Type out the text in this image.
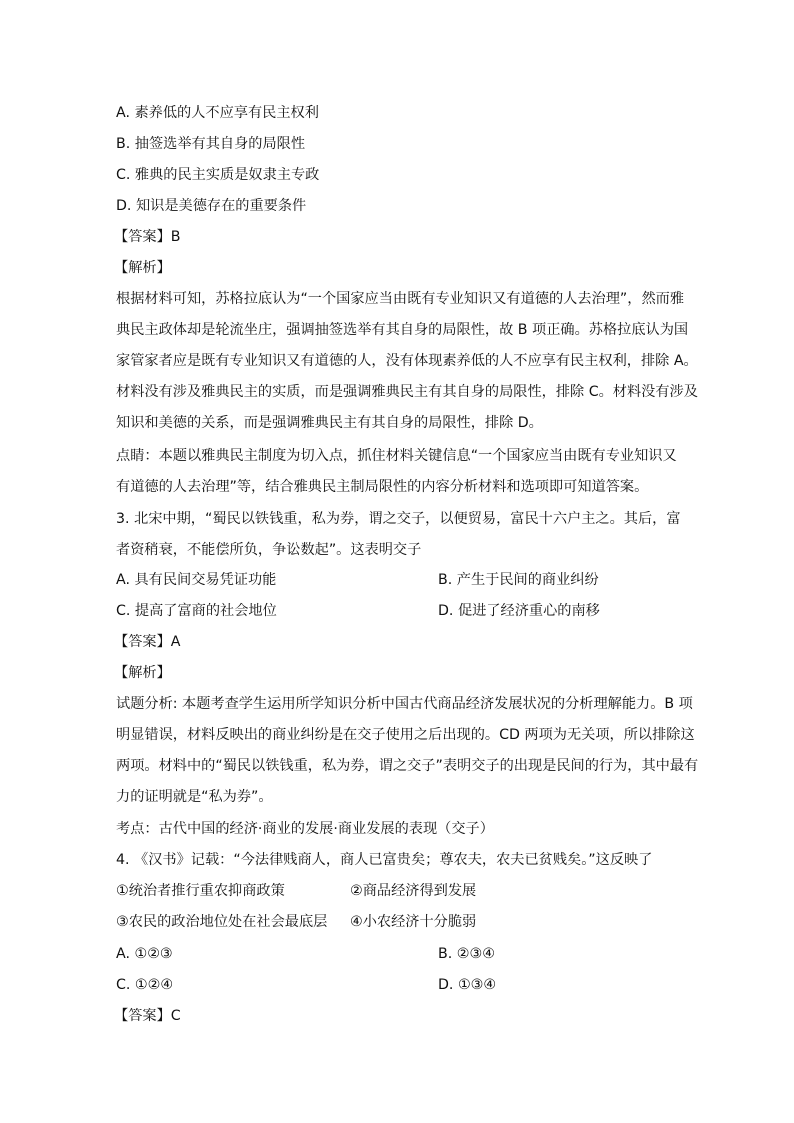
A. 素养低的人不应享有民主权利
B. 抽签选举有其自身的局限性
C. 雅典的民主实质是奴隶主专政
D. 知识是美德存在的重要条件
【答案】B
【解析】
根据材料可知，苏格拉底认为“一个国家应当由既有专业知识又有道德的人去治理”，然而雅
典民主政体却是轮流坐庄，强调抽签选举有其自身的局限性，故 B 项正确。苏格拉底认为国
家管家者应是既有专业知识又有道德的人，没有体现素养低的人不应享有民主权利，排除 A。
材料没有涉及雅典民主的实质，而是强调雅典民主有其自身的局限性，排除 C。材料没有涉及
知识和美德的关系，而是强调雅典民主有其自身的局限性，排除 D。
点睛：本题以雅典民主制度为切入点，抓住材料关键信息“一个国家应当由既有专业知识又
有道德的人去治理”等，结合雅典民主制局限性的内容分析材料和选项即可知道答案。
3. 北宋中期，“蜀民以铁钱重，私为券，谓之交子，以便贸易，富民十六户主之。其后，富
者资稍衰，不能偿所负，争讼数起”。这表明交子
A. 具有民间交易凭证功能	B. 产生于民间的商业纠纷
C. 提高了富商的社会地位	D. 促进了经济重心的南移
【答案】A
【解析】
试题分析: 本题考查学生运用所学知识分析中国古代商品经济发展状况的分析理解能力。B 项
明显错误，材料反映出的商业纠纷是在交子使用之后出现的。CD 两项为无关项，所以排除这
两项。材料中的“蜀民以铁钱重，私为券，谓之交子”表明交子的出现是民间的行为，其中最有
力的证明就是“私为券”。
考点：古代中国的经济·商业的发展·商业发展的表现（交子）
4. 《汉书》记载：“今法律贱商人，商人已富贵矣；尊农夫，农夫已贫贱矣。”这反映了
①统治者推行重农抑商政策	②商品经济得到发展
③农民的政治地位处在社会最底层 ④小农经济十分脆弱
A. ①②③	B. ②③④
C. ①②④	D. ①③④
【答案】C
